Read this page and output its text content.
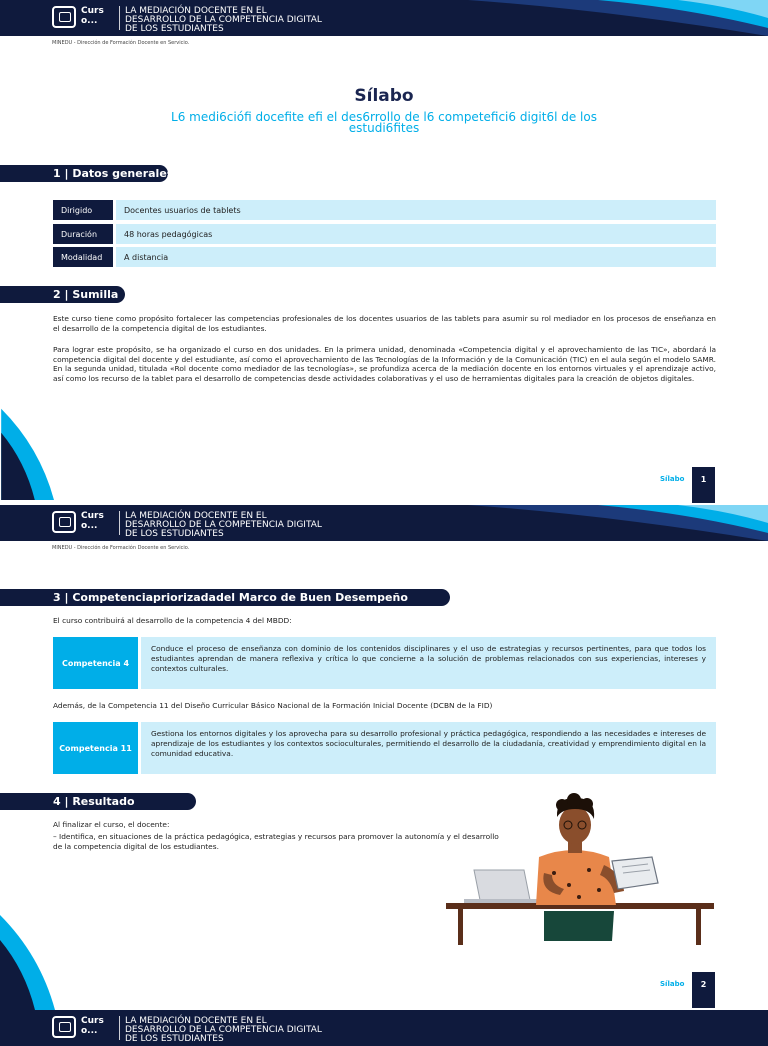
Curs o...
LA MEDIACIÓN DOCENTE EN EL DESARROLLO DE LA COMPETENCIA DIGITAL DE LOS ESTUDIANTES
MINEDU - Dirección de Formación Docente en Servicio.
Sílabo
L6 medi6ciófi docefite efi el des6rrollo de l6 competefici6 digit6l de los estudi6fites
1 | Datos generales
Dirigido	Docentes usuarios de tablets
Duración	48 horas pedagógicas
Modalidad	A distancia
2 | Sumilla
Este curso tiene como propósito fortalecer las competencias profesionales de los docentes usuarios de las tablets para asumir su rol mediador en los procesos de enseñanza en el desarrollo de la competencia digital de los estudiantes.
Para lograr este propósito, se ha organizado el curso en dos unidades. En la primera unidad, denominada «Competencia digital y el aprovechamiento de las TIC», abordará la competencia digital del docente y del estudiante, así como el aprovechamiento de las Tecnologías de la Información y de la Comunicación (TIC) en el aula según el modelo SAMR. En la segunda unidad, titulada «Rol docente como mediador de las tecnologías», se profundiza acerca de la mediación docente en los entornos virtuales y el aprendizaje activo, así como los recurso de la tablet para el desarrollo de competencias desde actividades colaborativas y el uso de herramientas digitales para la creación de objetos digitales.
Sílabo	1
Curs o...
LA MEDIACIÓN DOCENTE EN EL DESARROLLO DE LA COMPETENCIA DIGITAL DE LOS ESTUDIANTES
MINEDU - Dirección de Formación Docente en Servicio.
3 | Competenciapriorizadadel Marco de Buen Desempeño
El curso contribuirá al desarrollo de la competencia 4 del MBDD:
Competencia 4
Conduce el proceso de enseñanza con dominio de los contenidos disciplinares y el uso de estrategias y recursos pertinentes, para que todos los estudiantes aprendan de manera reflexiva y crítica lo que concierne a la solución de problemas relacionados con sus experiencias, intereses y contextos culturales.
Además, de la Competencia 11 del Diseño Curricular Básico Nacional de la Formación Inicial Docente (DCBN de la FID)
Competencia 11
Gestiona los entornos digitales y los aprovecha para su desarrollo profesional y práctica pedagógica, respondiendo a las necesidades e intereses de aprendizaje de los estudiantes y los contextos socioculturales, permitiendo el desarrollo de la ciudadanía, creatividad y emprendimiento digital en la comunidad educativa.
4 | Resultado
Al finalizar el curso, el docente:
– Identifica, en situaciones de la práctica pedagógica, estrategias y recursos para promover la autonomía y el desarrollo de la competencia digital de los estudiantes.
Sílabo	2
Curs o...
LA MEDIACIÓN DOCENTE EN EL DESARROLLO DE LA COMPETENCIA DIGITAL DE LOS ESTUDIANTES
